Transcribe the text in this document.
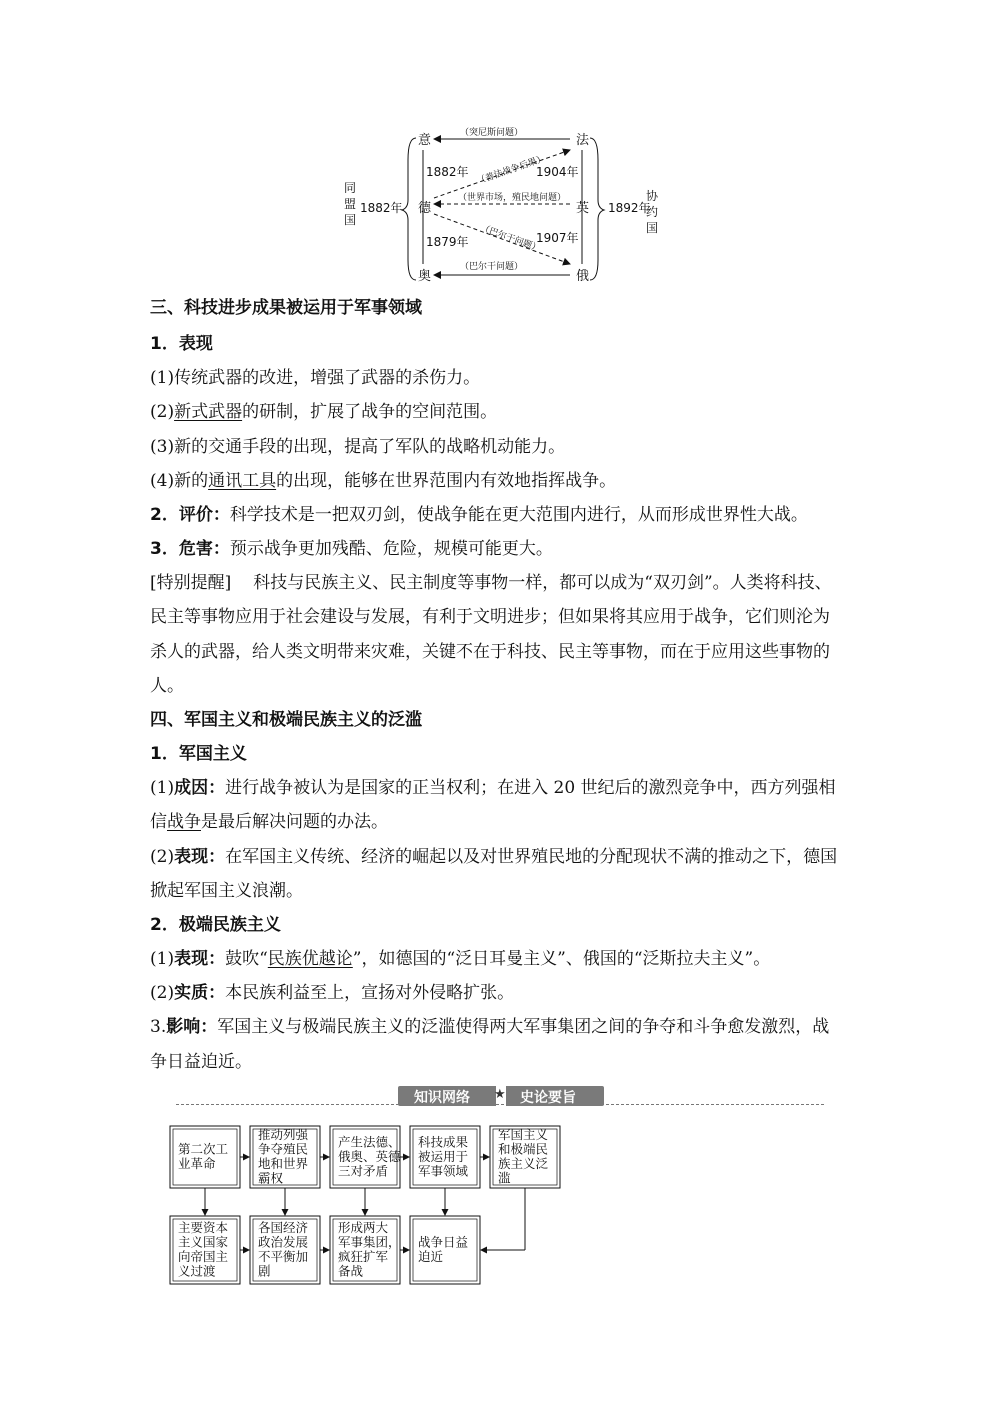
同
盟
国
1882年
意
德
奥
法
英
俄
（突尼斯问题）
（巴尔干问题）
（世界市场，殖民地问题）
（普法战争后果）
（巴尔干问题）
1882年
1879年
1904年
1907年
1892年
协
约
国
三、科技进步成果被运用于军事领域
1．表现
(1)传统武器的改进，增强了武器的杀伤力。
(2)新式武器的研制，扩展了战争的空间范围。
(3)新的交通手段的出现，提高了军队的战略机动能力。
(4)新的通讯工具的出现，能够在世界范围内有效地指挥战争。
2．评价：科学技术是一把双刃剑，使战争能在更大范围内进行，从而形成世界性大战。
3．危害：预示战争更加残酷、危险，规模可能更大。
[特别提醒] 科技与民族主义、民主制度等事物一样，都可以成为“双刃剑”。人类将科技、
民主等事物应用于社会建设与发展，有利于文明进步；但如果将其应用于战争，它们则沦为
杀人的武器，给人类文明带来灾难，关键不在于科技、民主等事物，而在于应用这些事物的
人。
四、军国主义和极端民族主义的泛滥
1．军国主义
(1)成因：进行战争被认为是国家的正当权利；在进入 20 世纪后的激烈竞争中，西方列强相
信战争是最后解决问题的办法。
(2)表现：在军国主义传统、经济的崛起以及对世界殖民地的分配现状不满的推动之下，德国
掀起军国主义浪潮。
2．极端民族主义
(1)表现：鼓吹“民族优越论”，如德国的“泛日耳曼主义”、俄国的“泛斯拉夫主义”。
(2)实质：本民族利益至上，宣扬对外侵略扩张。
3.影响：军国主义与极端民族主义的泛滥使得两大军事集团之间的争夺和斗争愈发激烈，战
争日益迫近。
知识网络 ★ 史论要旨
第二次工
业革命
推动列强
争夺殖民
地和世界
霸权
产生法德、
俄奥、英德
三对矛盾
科技成果
被运用于
军事领域
军国主义
和极端民
族主义泛
滥
主要资本
主义国家
向帝国主
义过渡
各国经济
政治发展
不平衡加
剧
形成两大
军事集团，
疯狂扩军
备战
战争日益
迫近
